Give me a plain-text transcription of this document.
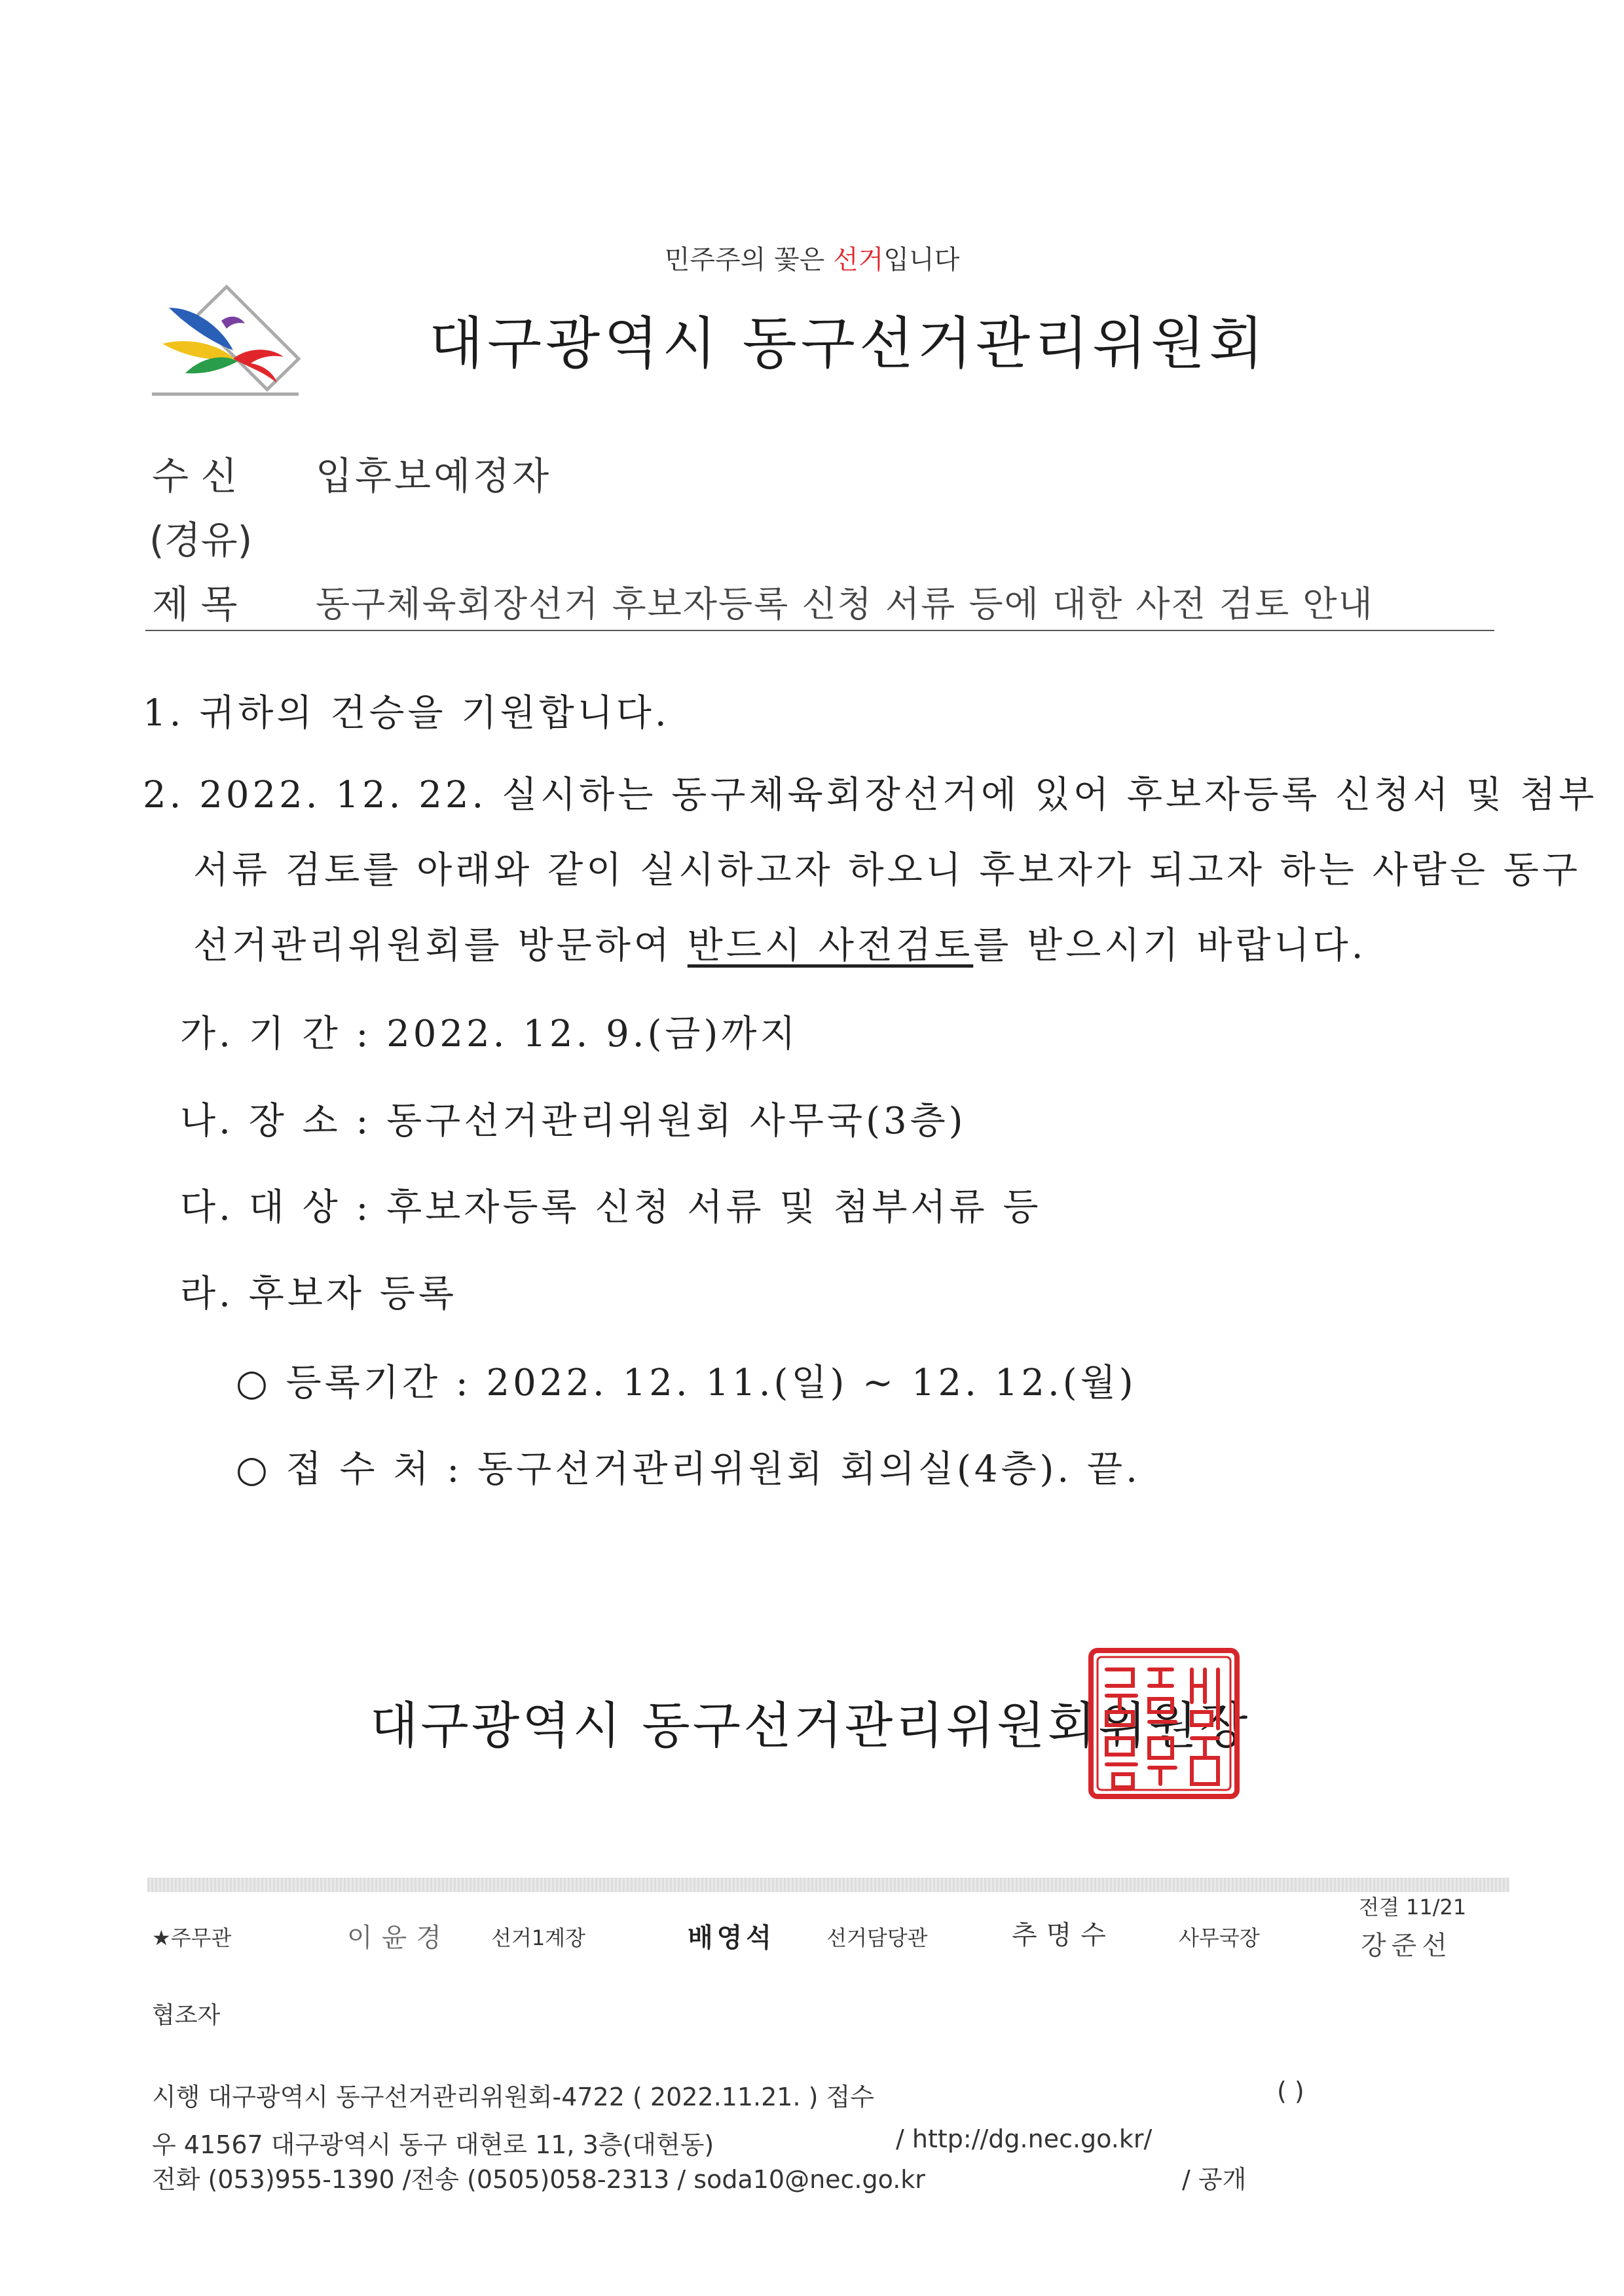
민주주의 꽃은 선거입니다
대구광역시 동구선거관리위원회
수 신 입후보예정자
(경유)
제 목 동구체육회장선거 후보자등록 신청 서류 등에 대한 사전 검토 안내
1. 귀하의 건승을 기원합니다.
2. 2022. 12. 22. 실시하는 동구체육회장선거에 있어 후보자등록 신청서 및 첨부
서류 검토를 아래와 같이 실시하고자 하오니 후보자가 되고자 하는 사람은 동구
선거관리위원회를 방문하여 반드시 사전검토를 받으시기 바랍니다.
가. 기 간 : 2022. 12. 9.(금)까지
나. 장 소 : 동구선거관리위원회 사무국(3층)
다. 대 상 : 후보자등록 신청 서류 및 첨부서류 등
라. 후보자 등록
○ 등록기간 : 2022. 12. 11.(일) ~ 12. 12.(월)
○ 접 수 처 : 동구선거관리위원회 회의실(4층). 끝.
대구광역시 동구선거관리위원회위원장
★주무관	이윤경 선거1계장	배영석 선거담당관	추명수	사무국장
전결 11/21
강준선
협조자
시행 대구광역시 동구선거관리위원회-4722 ( 2022.11.21. ) 접수	( )
우 41567 대구광역시 동구 대현로 11, 3층(대현동)	/ http://dg.nec.go.kr/
전화 (053)955-1390 /전송 (0505)058-2313 / soda10@nec.go.kr	/ 공개
